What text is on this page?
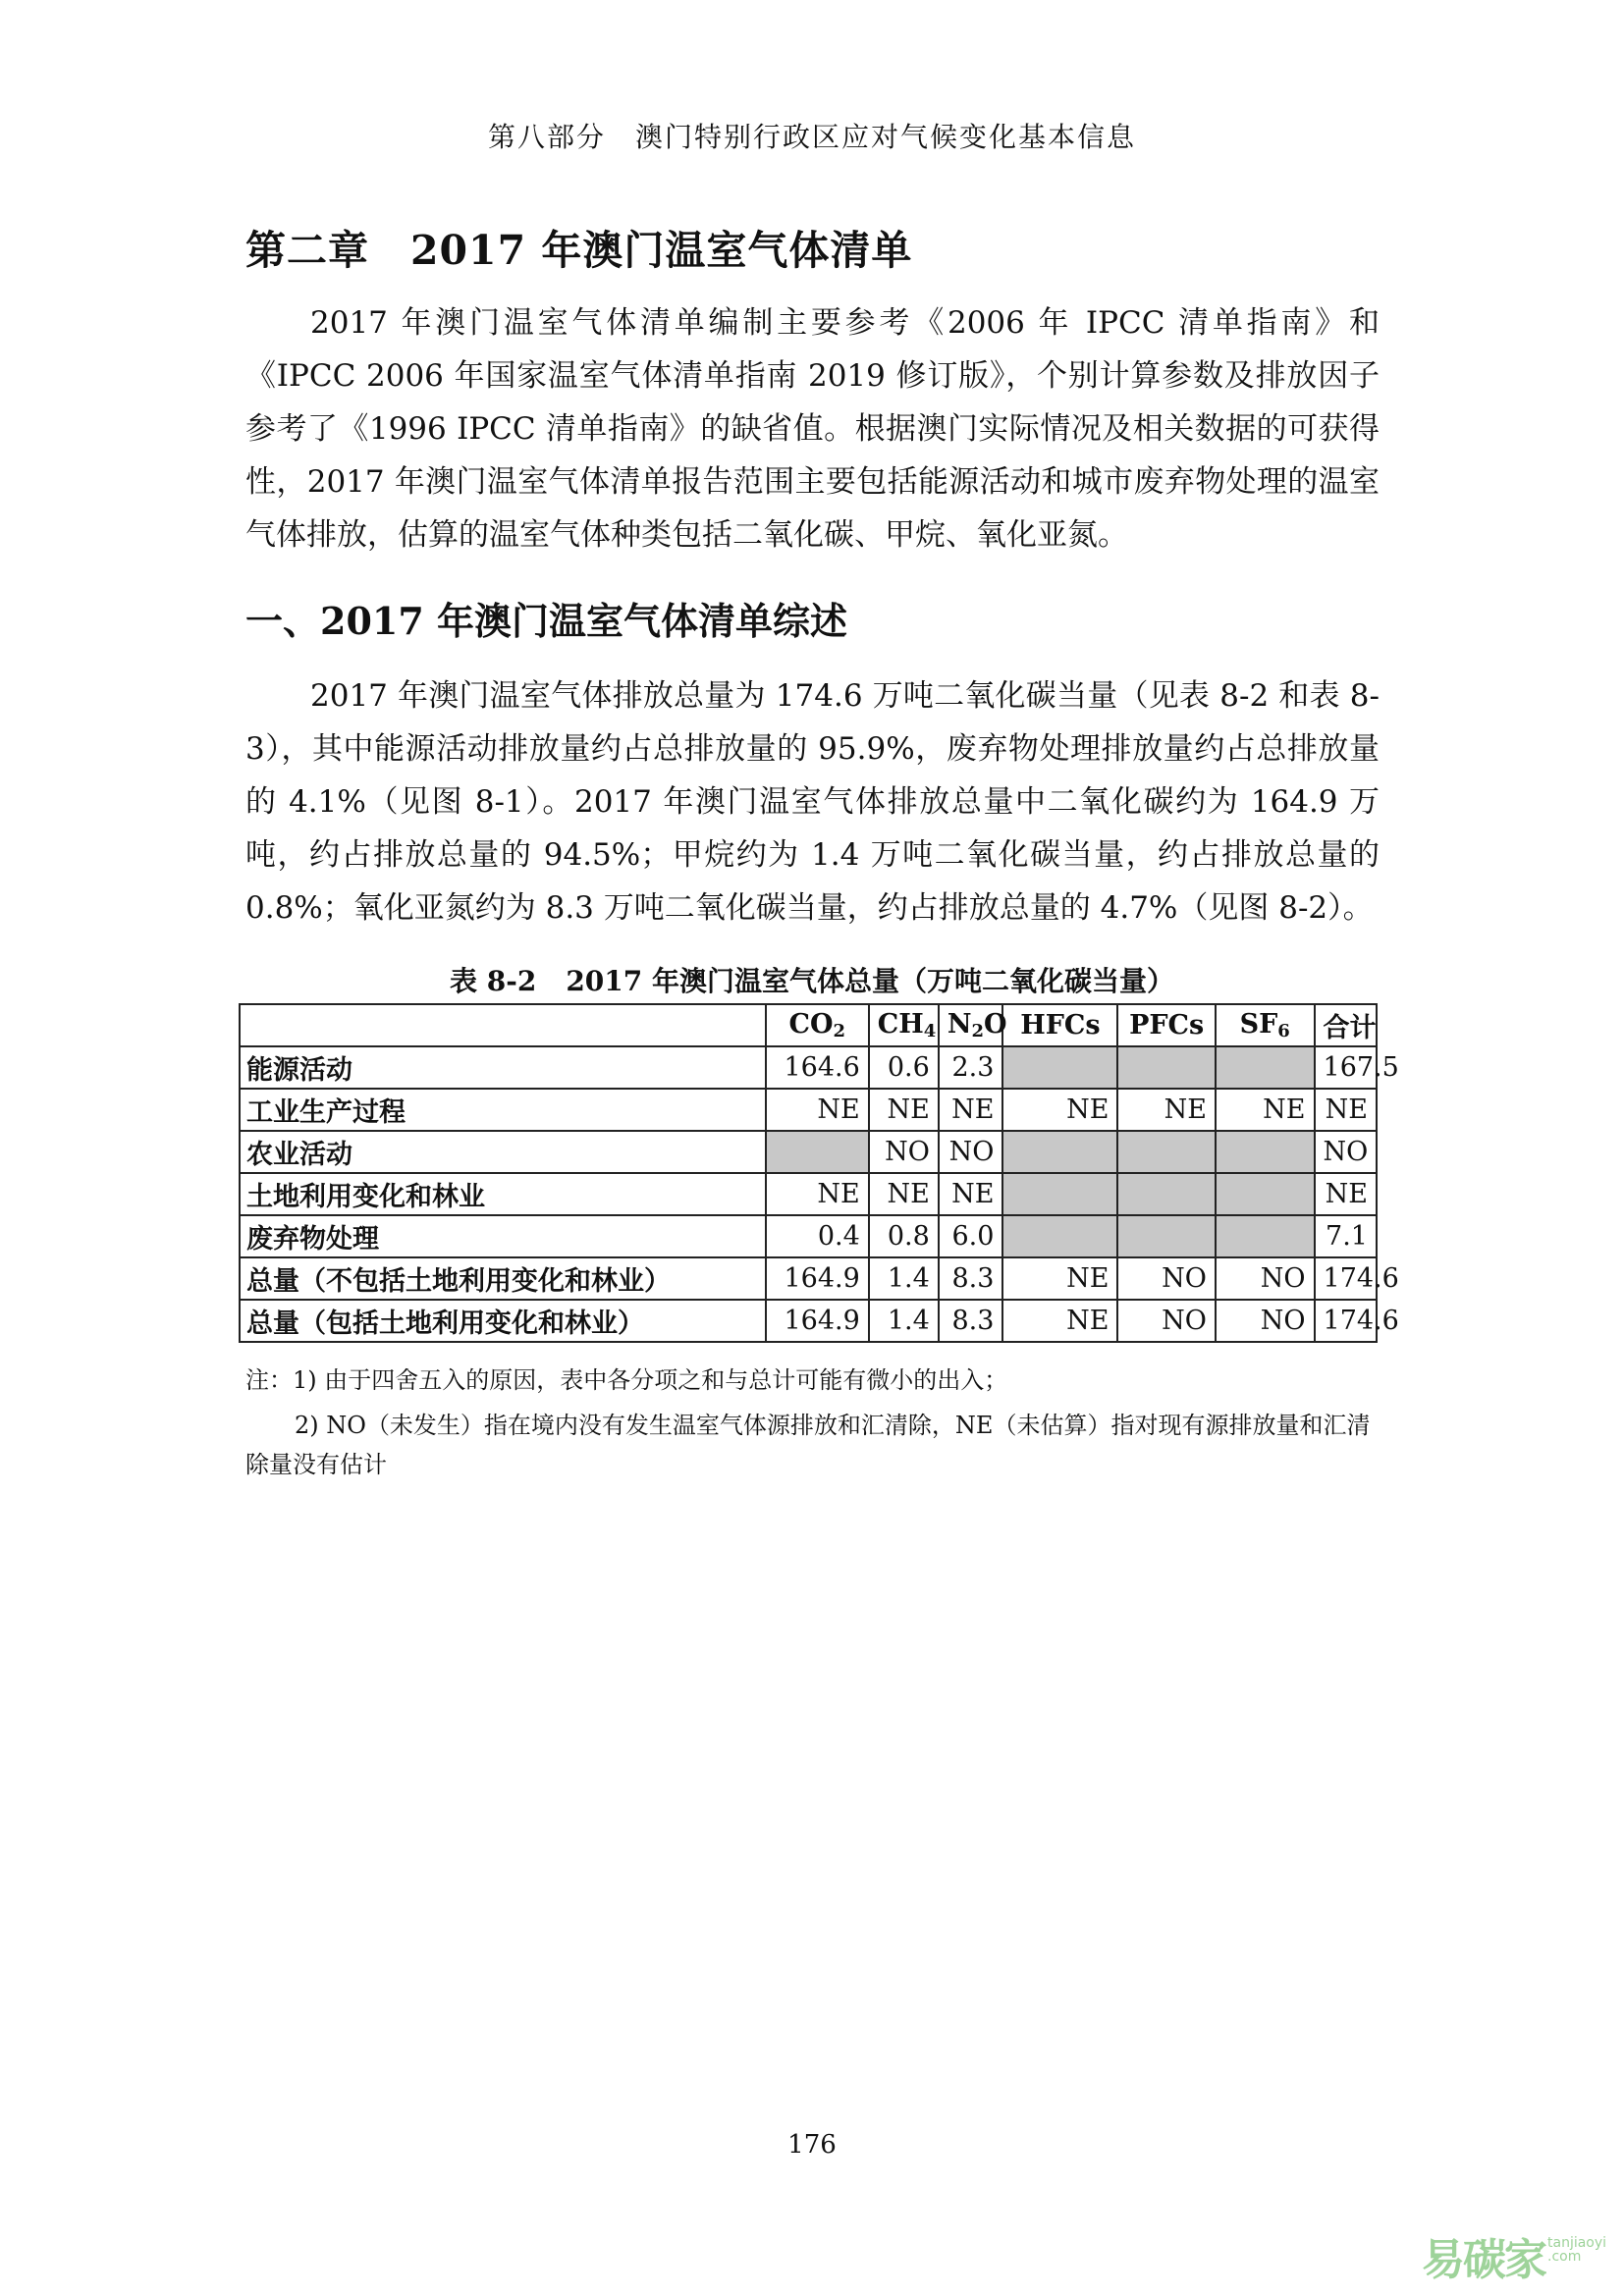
第八部分　澳门特别行政区应对气候变化基本信息
第二章 2017 年澳门温室气体清单
2017 年澳门温室气体清单编制主要参考《2006 年 IPCC 清单指南》和《IPCC 2006 年国家温室气体清单指南 2019 修订版》，个别计算参数及排放因子参考了《1996 IPCC 清单指南》的缺省值。根据澳门实际情况及相关数据的可获得性，2017 年澳门温室气体清单报告范围主要包括能源活动和城市废弃物处理的温室气体排放，估算的温室气体种类包括二氧化碳、甲烷、氧化亚氮。
一、2017 年澳门温室气体清单综述
2017 年澳门温室气体排放总量为 174.6 万吨二氧化碳当量（见表 8-2 和表 8-3），其中能源活动排放量约占总排放量的 95.9%，废弃物处理排放量约占总排放量的 4.1%（见图 8-1）。2017 年澳门温室气体排放总量中二氧化碳约为 164.9 万吨，约占排放总量的 94.5%；甲烷约为 1.4 万吨二氧化碳当量，约占排放总量的 0.8%；氧化亚氮约为 8.3 万吨二氧化碳当量，约占排放总量的 4.7%（见图 8-2）。
表 8-2 2017 年澳门温室气体总量（万吨二氧化碳当量）
	$CO_2$	$CH_4$	$N_2O$	HFCs	PFCs	$SF_6$	合计
能源活动	164.6	0.6	2.3				167.5
工业生产过程	NE	NE	NE	NE	NE	NE	NE
农业活动		NO	NO				NO
土地利用变化和林业	NE	NE	NE				NE
废弃物处理	0.4	0.8	6.0				7.1
总量（不包括土地利用变化和林业）	164.9	1.4	8.3	NE	NO	NO	174.6
总量（包括土地利用变化和林业）	164.9	1.4	8.3	NE	NO	NO	174.6
注：1) 由于四舍五入的原因，表中各分项之和与总计可能有微小的出入；
2) NO（未发生）指在境内没有发生温室气体源排放和汇清除，NE（未估算）指对现有源排放量和汇清除量没有估计
176
易碳家 tanjiaoyi
.com
